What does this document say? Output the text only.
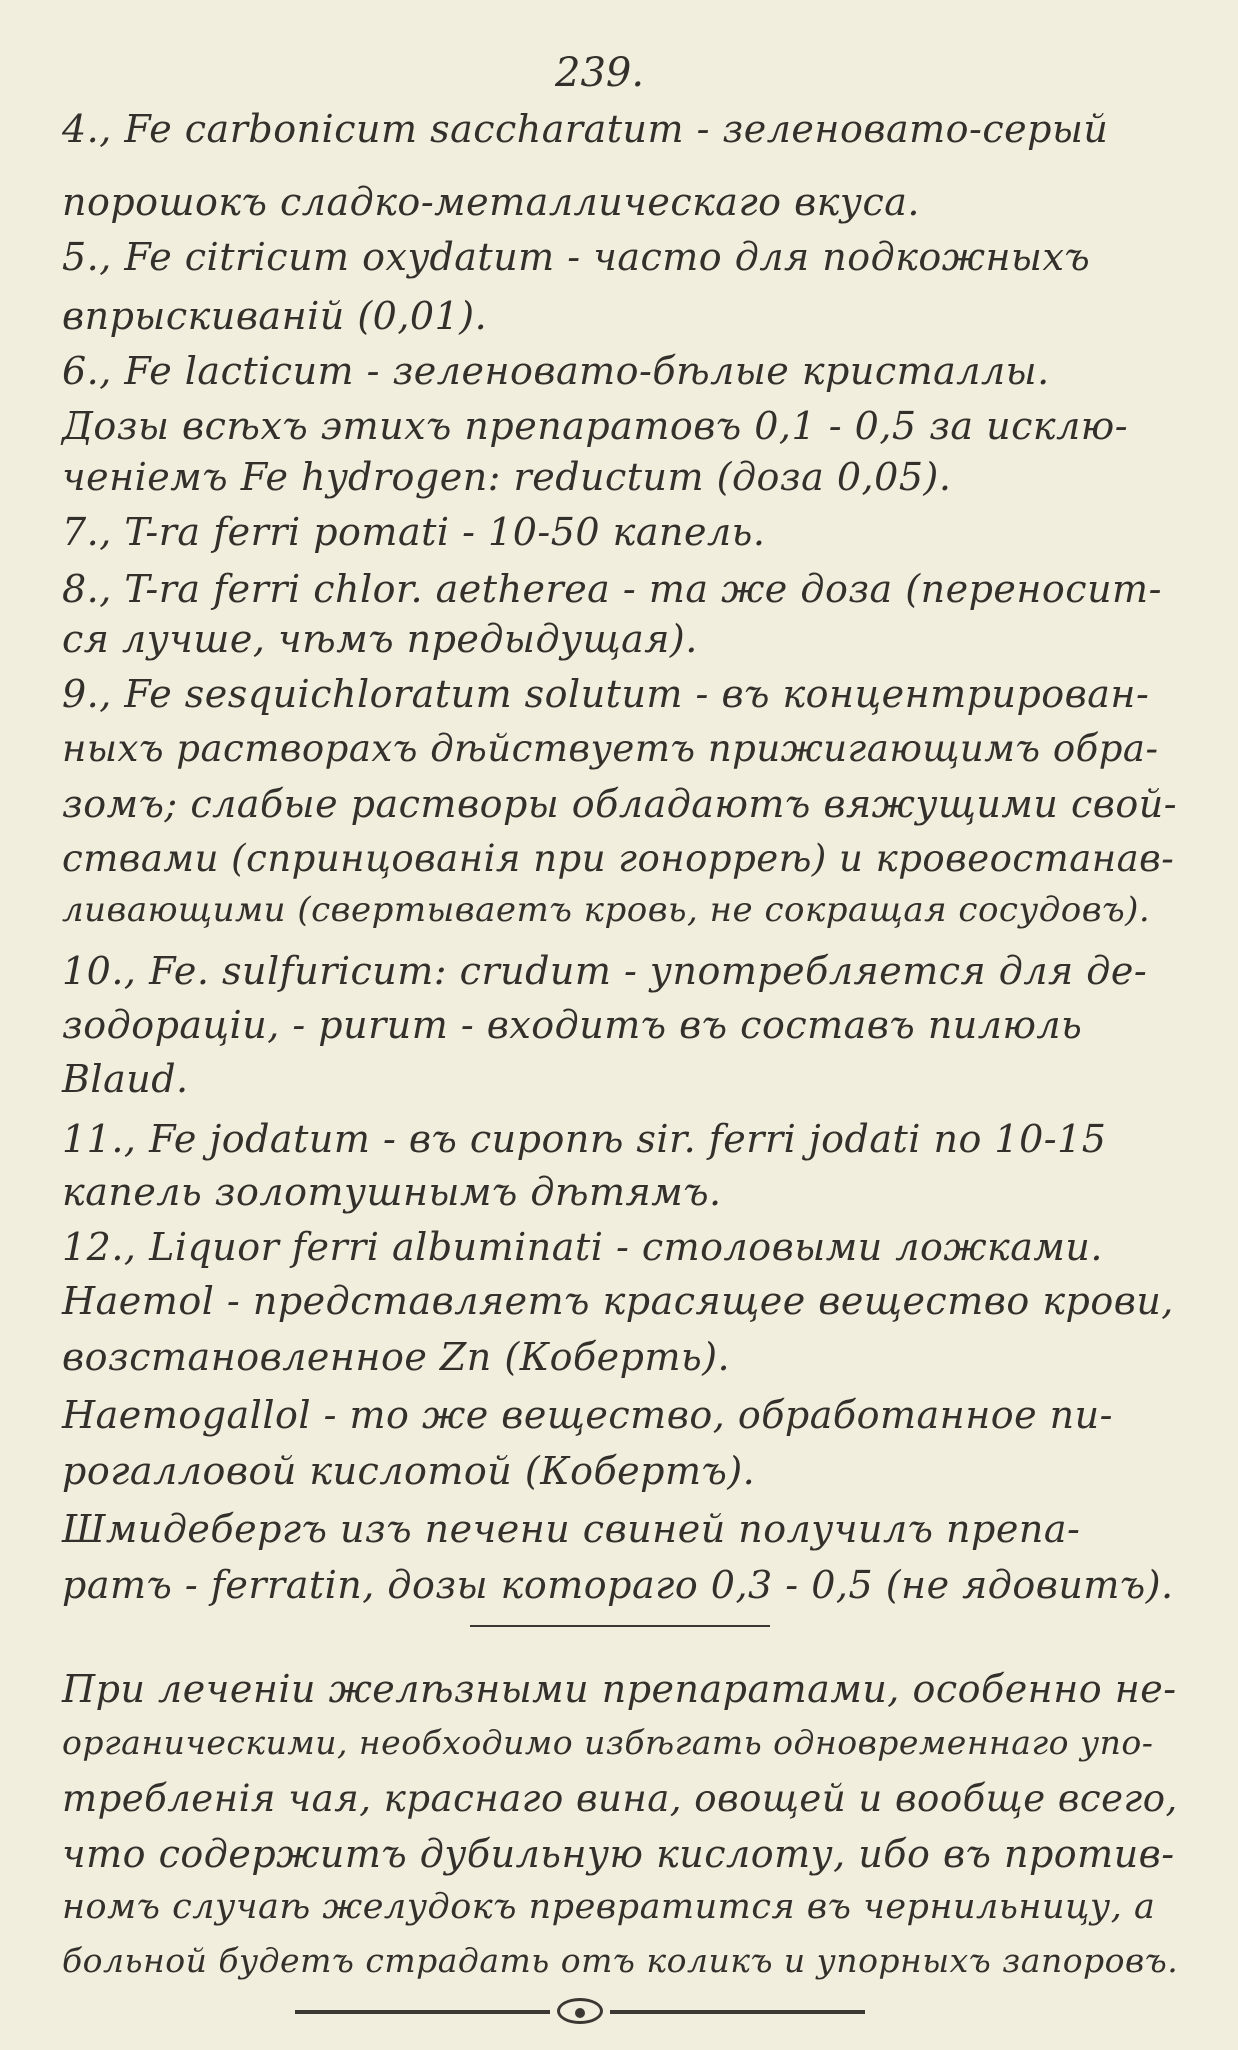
239.
4., Fe carbonicum saccharatum - зеленовато-серый
порошокъ сладко-металлическаго вкуса.
5., Fe citricum oxydatum - часто для подкожныхъ
впрыскиваній (0,01).
6., Fe lacticum - зеленовато-бѣлые кристаллы.
Дозы всѣхъ этихъ препаратовъ 0,1 - 0,5 за исклю-
ченіемъ Fe hydrogen: reductum (доза 0,05).
7., T-ra ferri pomati - 10-50 капель.
8., T-ra ferri chlor. aetherea - та же доза (переносит-
ся лучше, чѣмъ предыдущая).
9., Fe sesquichloratum solutum - въ концентрирован-
ныхъ растворахъ дѣйствуетъ прижигающимъ обра-
зомъ; слабые растворы обладаютъ вяжущими свой-
ствами (спринцованія при гонорреѣ) и кровеостанав-
ливающими (свертываетъ кровь, не сокращая сосудовъ).
10., Fe. sulfuricum: crudum - употребляется для де-
зодораціи, - purum - входитъ въ составъ пилюль
Blaud.
11., Fe jodatum - въ сиропѣ sir. ferri jodati по 10-15
капель золотушнымъ дѣтямъ.
12., Liquor ferri albuminati - столовыми ложками.
Haemol - представляетъ красящее вещество крови,
возстановленное Zn (Коберть).
Haemogallol - то же вещество, обработанное пи-
рогалловой кислотой (Кобертъ).
Шмидебергъ изъ печени свиней получилъ препа-
ратъ - ferratin, дозы котораго 0,3 - 0,5 (не ядовитъ).
При леченіи желѣзными препаратами, особенно не-
органическими, необходимо избѣгать одновременнаго упо-
требленія чая, краснаго вина, овощей и вообще всего,
что содержитъ дубильную кислоту, ибо въ против-
номъ случаѣ желудокъ превратится въ чернильницу, а
больной будетъ страдать отъ коликъ и упорныхъ запоровъ.
